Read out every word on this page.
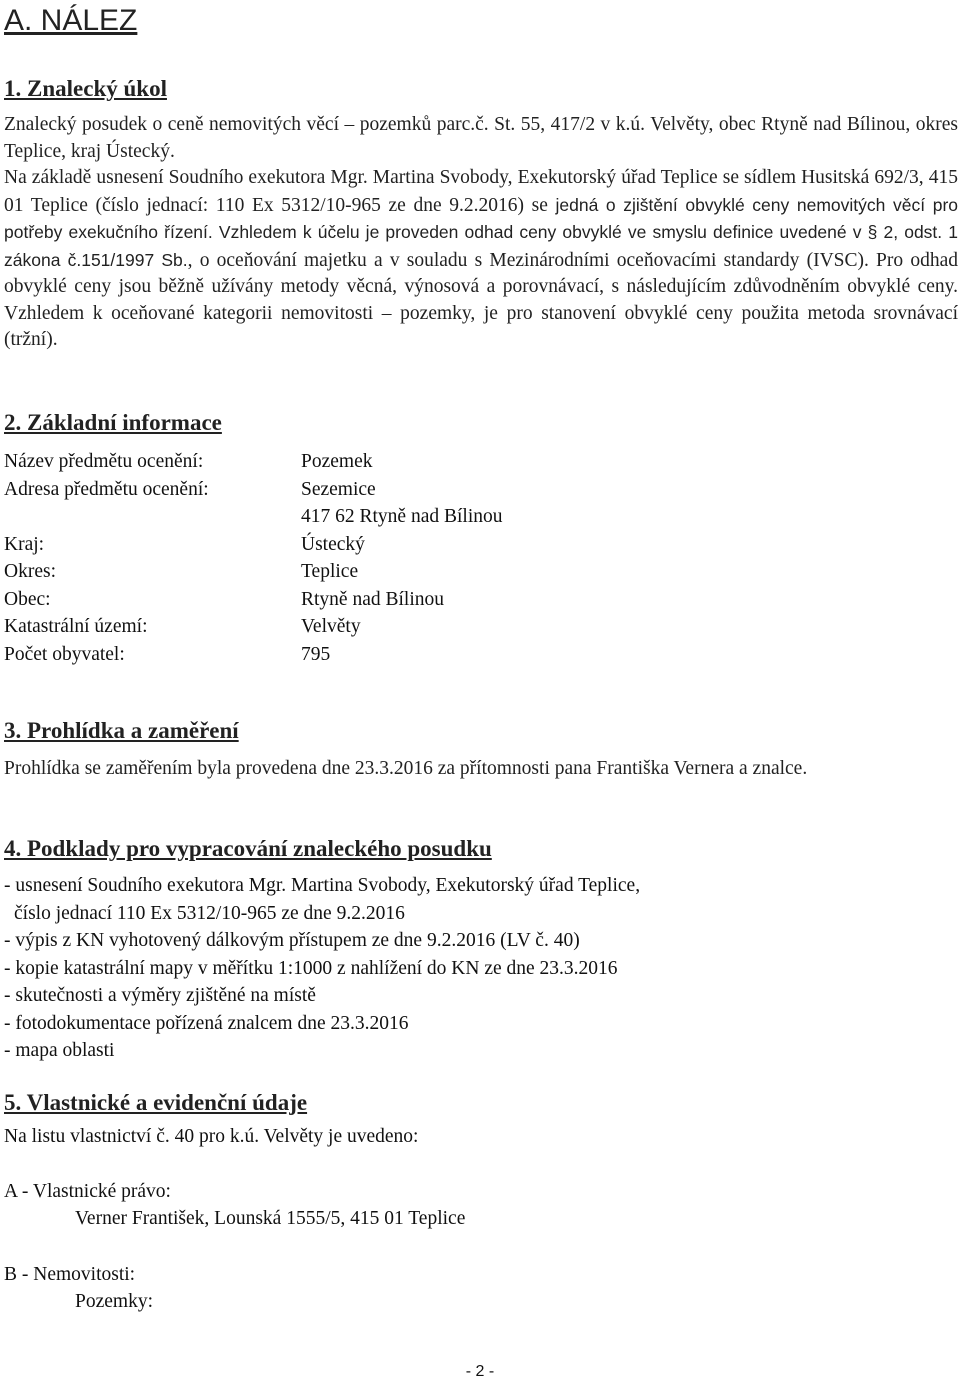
A. NÁLEZ
1. Znalecký úkol

Znalecký posudek o ceně nemovitých věcí – pozemků parc.č. St. 55, 417/2 v k.ú. Velvěty, obec Rtyně nad Bílinou, okres Teplice, kraj Ústecký.

Na základě usnesení Soudního exekutora Mgr. Martina Svobody, Exekutorský úřad Teplice se sídlem Husitská 692/3, 415 01 Teplice (číslo jednací: 110 Ex 5312/10-965 ze dne 9.2.2016) se jedná o zjištění obvyklé ceny nemovitých věcí pro potřeby exekučního řízení. Vzhledem k účelu je proveden odhad ceny obvyklé ve smyslu definice uvedené v § 2, odst. 1 zákona č.151/1997 Sb., o oceňování majetku a v souladu s Mezinárodními oceňovacími standardy (IVSC). Pro odhad obvyklé ceny jsou běžně užívány metody věcná, výnosová a porovnávací, s následujícím zdůvodněním obvyklé ceny. Vzhledem k oceňované kategorii nemovitosti – pozemky, je pro stanovení obvyklé ceny použita metoda srovnávací (tržní).

2. Základní informace
Název předmětu ocenění:	Pozemek
Adresa předmětu ocenění:	Sezemice
417 62 Rtyně nad Bílinou
Kraj:	Ústecký
Okres:	Teplice
Obec:	Rtyně nad Bílinou
Katastrální území:	Velvěty
Počet obyvatel:	795
3. Prohlídka a zaměření

Prohlídka se zaměřením byla provedena dne 23.3.2016 za přítomnosti pana Františka Vernera a znalce.

4. Podklady pro vypracování znaleckého posudku
- usnesení Soudního exekutora Mgr. Martina Svobody, Exekutorský úřad Teplice,
číslo jednací 110 Ex 5312/10-965 ze dne 9.2.2016
- výpis z KN vyhotovený dálkovým přístupem ze dne 9.2.2016 (LV č. 40)
- kopie katastrální mapy v měřítku 1:1000 z nahlížení do KN ze dne 23.3.2016
- skutečnosti a výměry zjištěné na místě
- fotodokumentace pořízená znalcem dne 23.3.2016
- mapa oblasti
5. Vlastnické a evidenční údaje
Na listu vlastnictví č. 40 pro k.ú. Velvěty je uvedeno:
A - Vlastnické právo:
Verner František, Lounská 1555/5, 415 01 Teplice
B - Nemovitosti:
Pozemky:
- 2 -
